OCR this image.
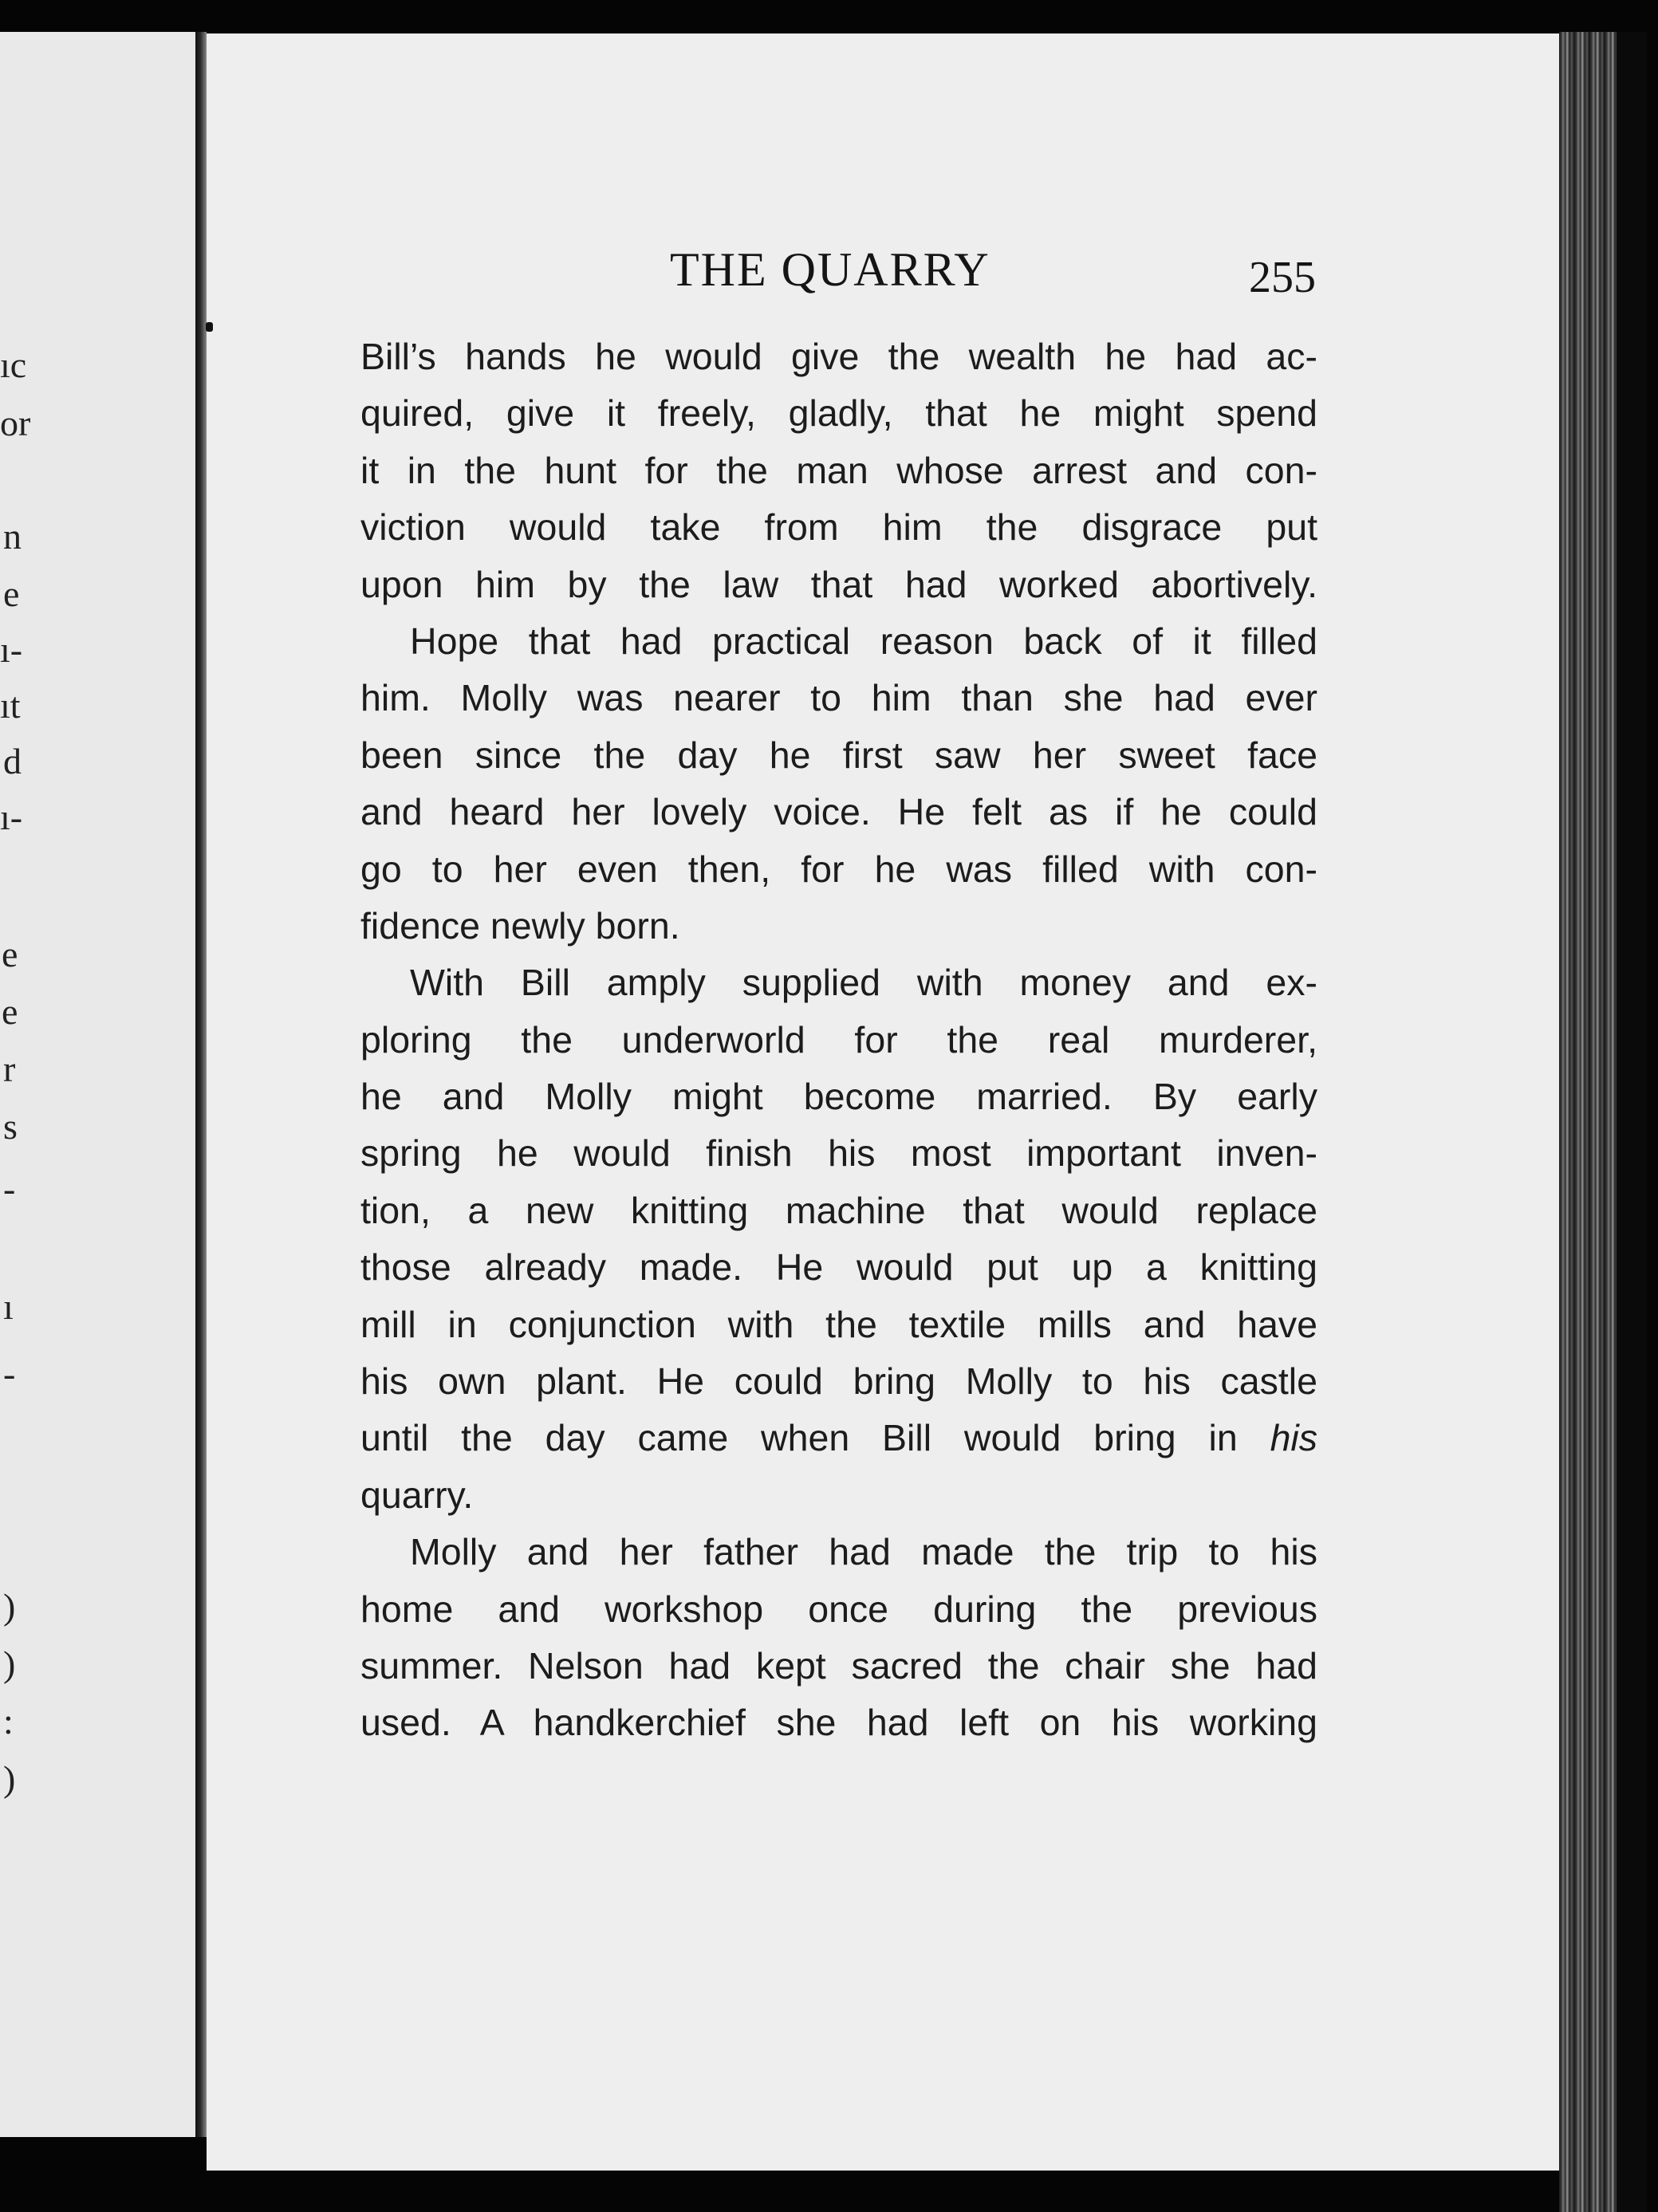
ıc
or
n
e
ı-
ıt
d
ı-
e
e
r
s
-
ı
-
)
)
:
)
THE QUARRY	255

Bill’s hands he would give the wealth he had ac-
quired, give it freely, gladly, that he might spend
it in the hunt for the man whose arrest and con-
viction would take from him the disgrace put
upon him by the law that had worked abortively.

Hope that had practical reason back of it filled
him. Molly was nearer to him than she had ever
been since the day he first saw her sweet face
and heard her lovely voice. He felt as if he could
go to her even then, for he was filled with con-
fidence newly born.

With Bill amply supplied with money and ex-
ploring the underworld for the real murderer,
he and Molly might become married. By early
spring he would finish his most important inven-
tion, a new knitting machine that would replace
those already made. He would put up a knitting
mill in conjunction with the textile mills and have
his own plant. He could bring Molly to his castle
until the day came when Bill would bring in his
quarry.

Molly and her father had made the trip to his
home and workshop once during the previous
summer. Nelson had kept sacred the chair she had
used. A handkerchief she had left on his working
